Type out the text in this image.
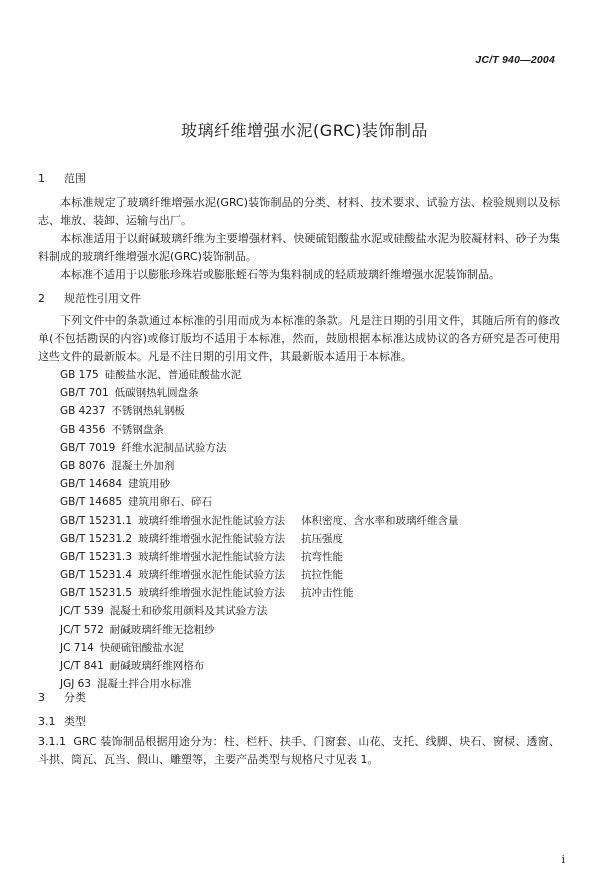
JC/T 940—2004
玻璃纤维增强水泥(GRC)装饰制品
1 范围
本标准规定了玻璃纤维增强水泥(GRC)装饰制品的分类、材料、技术要求、试验方法、检验规则以及标志、堆放、装卸、运输与出厂。
本标准适用于以耐碱玻璃纤维为主要增强材料、快硬硫铝酸盐水泥或硅酸盐水泥为胶凝材料、砂子为集料制成的玻璃纤维增强水泥(GRC)装饰制品。
本标准不适用于以膨胀珍珠岩或膨胀蛭石等为集料制成的轻质玻璃纤维增强水泥装饰制品。
2 规范性引用文件
下列文件中的条款通过本标准的引用而成为本标准的条款。凡是注日期的引用文件，其随后所有的修改单(不包括勘误的内容)或修订版均不适用于本标准，然而，鼓励根据本标准达成协议的各方研究是否可使用这些文件的最新版本。凡是不注日期的引用文件，其最新版本适用于本标准。
GB 175 硅酸盐水泥、普通硅酸盐水泥
GB/T 701 低碳钢热轧圆盘条
GB 4237 不锈钢热轧钢板
GB 4356 不锈钢盘条
GB/T 7019 纤维水泥制品试验方法
GB 8076 混凝土外加剂
GB/T 14684 建筑用砂
GB/T 14685 建筑用卵石、碎石
GB/T 15231.1 玻璃纤维增强水泥性能试验方法 体积密度、含水率和玻璃纤维含量
GB/T 15231.2 玻璃纤维增强水泥性能试验方法 抗压强度
GB/T 15231.3 玻璃纤维增强水泥性能试验方法 抗弯性能
GB/T 15231.4 玻璃纤维增强水泥性能试验方法 抗拉性能
GB/T 15231.5 玻璃纤维增强水泥性能试验方法 抗冲击性能
JC/T 539 混凝土和砂浆用颜料及其试验方法
JC/T 572 耐碱玻璃纤维无捻粗纱
JC 714 快硬硫铝酸盐水泥
JC/T 841 耐碱玻璃纤维网格布
JGJ 63 混凝土拌合用水标准
3 分类
3.1 类型
3.1.1 GRC 装饰制品根据用途分为：柱、栏杆、扶手、门窗套、山花、支托、线脚、块石、窗棂、透窗、斗拱、筒瓦、瓦当、假山、雕塑等，主要产品类型与规格尺寸见表 1。
i
